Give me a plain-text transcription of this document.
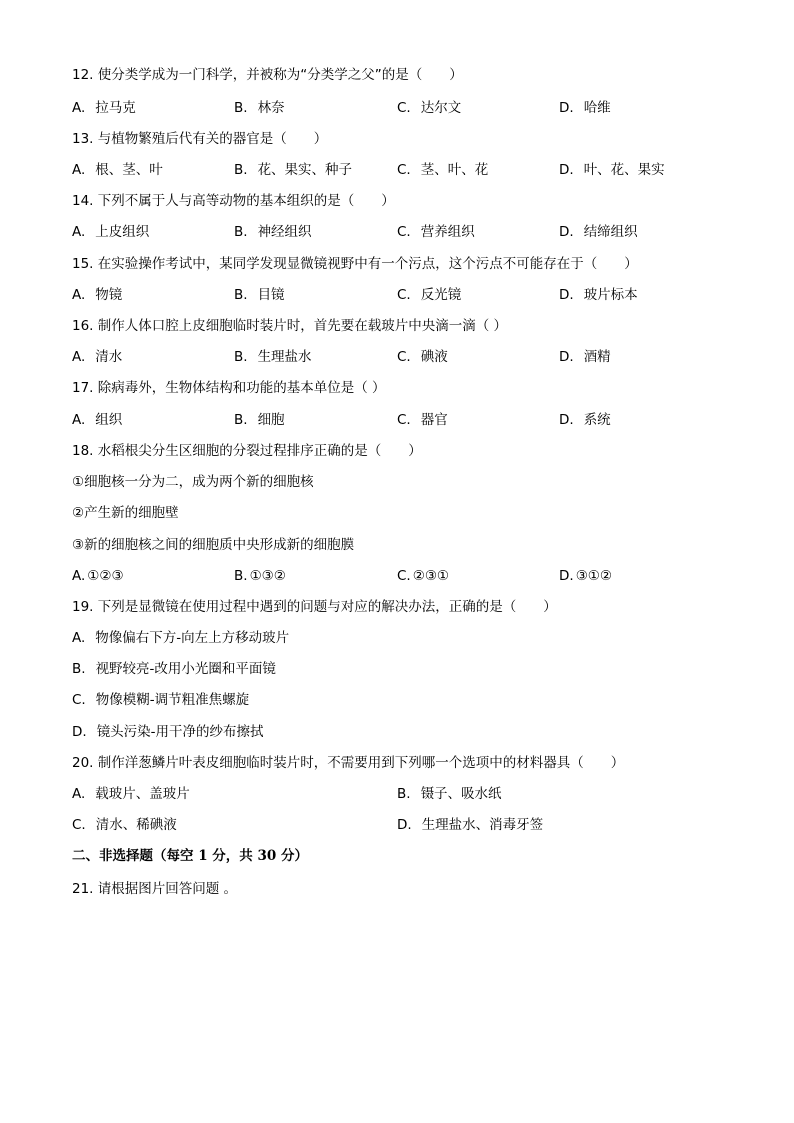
12. 使分类学成为一门科学，并被称为“分类学之父”的是（　　）
A. 拉马克	B. 林奈	C. 达尔文	D. 哈维
13. 与植物繁殖后代有关的器官是（　　）
A. 根、茎、叶	B. 花、果实、种子	C. 茎、叶、花	D. 叶、花、果实
14. 下列不属于人与高等动物的基本组织的是（　　）
A. 上皮组织	B. 神经组织	C. 营养组织	D. 结缔组织
15. 在实验操作考试中，某同学发现显微镜视野中有一个污点，这个污点不可能存在于（　　）
A. 物镜	B. 目镜	C. 反光镜	D. 玻片标本
16. 制作人体口腔上皮细胞临时装片时，首先要在载玻片中央滴一滴（ ）
A. 清水	B. 生理盐水	C. 碘液	D. 酒精
17. 除病毒外，生物体结构和功能的基本单位是（ ）
A. 组织	B. 细胞	C. 器官	D. 系统
18. 水稻根尖分生区细胞的分裂过程排序正确的是（　　）
①细胞核一分为二，成为两个新的细胞核
②产生新的细胞壁
③新的细胞核之间的细胞质中央形成新的细胞膜
A. ①②③	B. ①③②	C. ②③①	D. ③①②
19. 下列是显微镜在使用过程中遇到的问题与对应的解决办法，正确的是（　　）
A. 物像偏右下方-向左上方移动玻片
B. 视野较亮-改用小光圈和平面镜
C. 物像模糊-调节粗准焦螺旋
D. 镜头污染-用干净的纱布擦拭
20. 制作洋葱鳞片叶表皮细胞临时装片时，不需要用到下列哪一个选项中的材料器具（　　）
A. 载玻片、盖玻片	B. 镊子、吸水纸
C. 清水、稀碘液	D. 生理盐水、消毒牙签
二、非选择题（每空 1 分，共 30 分）
21. 请根据图片回答问题 。
